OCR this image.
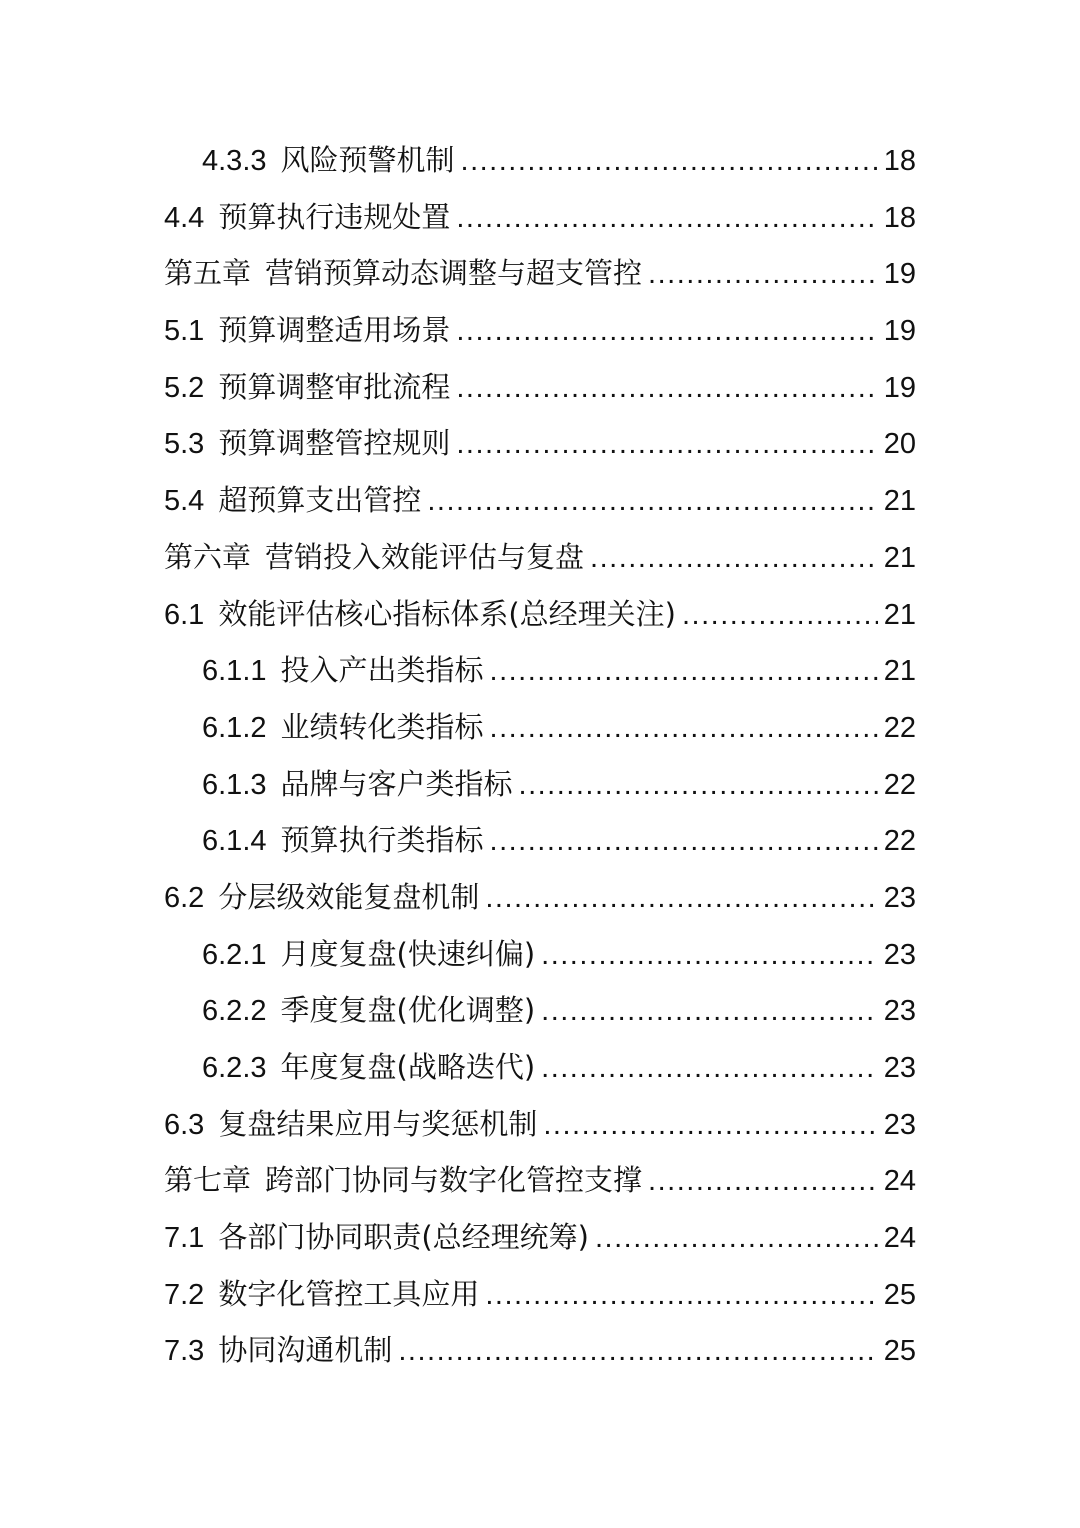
4.3.3 风险预警机制 .....	18
4.4 预算执行违规处置 .....	18
第五章 营销预算动态调整与超支管控 .....	19
5.1 预算调整适用场景 .....	19
5.2 预算调整审批流程 .....	19
5.3 预算调整管控规则 .....	20
5.4 超预算支出管控 .....	21
第六章 营销投入效能评估与复盘 .....	21
6.1 效能评估核心指标体系(总经理关注) .....	21
6.1.1 投入产出类指标 .....	21
6.1.2 业绩转化类指标 .....	22
6.1.3 品牌与客户类指标 .....	22
6.1.4 预算执行类指标 .....	22
6.2 分层级效能复盘机制 .....	23
6.2.1 月度复盘(快速纠偏) .....	23
6.2.2 季度复盘(优化调整) .....	23
6.2.3 年度复盘(战略迭代) .....	23
6.3 复盘结果应用与奖惩机制 .....	23
第七章 跨部门协同与数字化管控支撑 .....	24
7.1 各部门协同职责(总经理统筹) .....	24
7.2 数字化管控工具应用 .....	25
7.3 协同沟通机制 .....	25
